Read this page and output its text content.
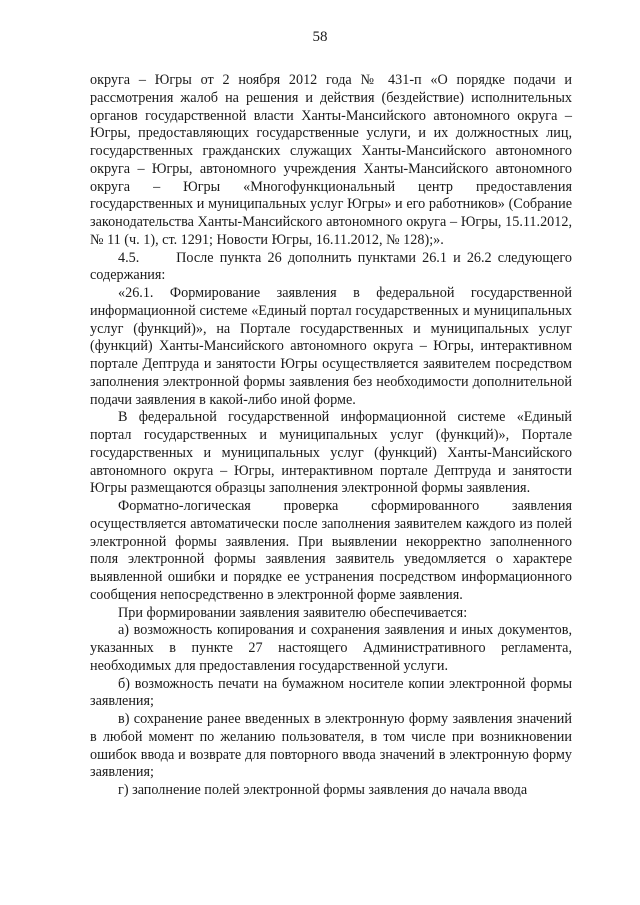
58

округа – Югры от 2 ноября 2012 года № 431-п «О порядке подачи и рассмотрения жалоб на решения и действия (бездействие) исполнительных органов государственной власти Ханты-Мансийского автономного округа – Югры, предоставляющих государственные услуги, и их должностных лиц, государственных гражданских служащих Ханты-Мансийского автономного округа – Югры, автономного учреждения Ханты-Мансийского автономного округа – Югры «Многофункциональный центр предоставления государственных и муниципальных услуг Югры» и его работников» (Собрание законодательства Ханты-Мансийского автономного округа – Югры, 15.11.2012, № 11 (ч. 1), ст. 1291; Новости Югры, 16.11.2012, № 128);».

4.5.      После пункта 26 дополнить пунктами 26.1 и 26.2 следующего содержания:

«26.1. Формирование заявления в федеральной государственной информационной системе «Единый портал государственных и муниципальных услуг (функций)», на Портале государственных и муниципальных услуг (функций) Ханты-Мансийского автономного округа – Югры, интерактивном портале Дептруда и занятости Югры осуществляется заявителем посредством заполнения электронной формы заявления без необходимости дополнительной подачи заявления в какой-либо иной форме.

В федеральной государственной информационной системе «Единый портал государственных и муниципальных услуг (функций)», Портале государственных и муниципальных услуг (функций) Ханты-Мансийского автономного округа – Югры, интерактивном портале Дептруда и занятости Югры размещаются образцы заполнения электронной формы заявления.

Форматно-логическая проверка сформированного заявления осуществляется автоматически после заполнения заявителем каждого из полей электронной формы заявления. При выявлении некорректно заполненного поля электронной формы заявления заявитель уведомляется о характере выявленной ошибки и порядке ее устранения посредством информационного сообщения непосредственно в электронной форме заявления.

При формировании заявления заявителю обеспечивается:

а) возможность копирования и сохранения заявления и иных документов, указанных в пункте 27 настоящего Административного регламента, необходимых для предоставления государственной услуги.

б) возможность печати на бумажном носителе копии электронной формы заявления;

в) сохранение ранее введенных в электронную форму заявления значений в любой момент по желанию пользователя, в том числе при возникновении ошибок ввода и возврате для повторного ввода значений в электронную форму заявления;

г) заполнение полей электронной формы заявления до начала ввода
